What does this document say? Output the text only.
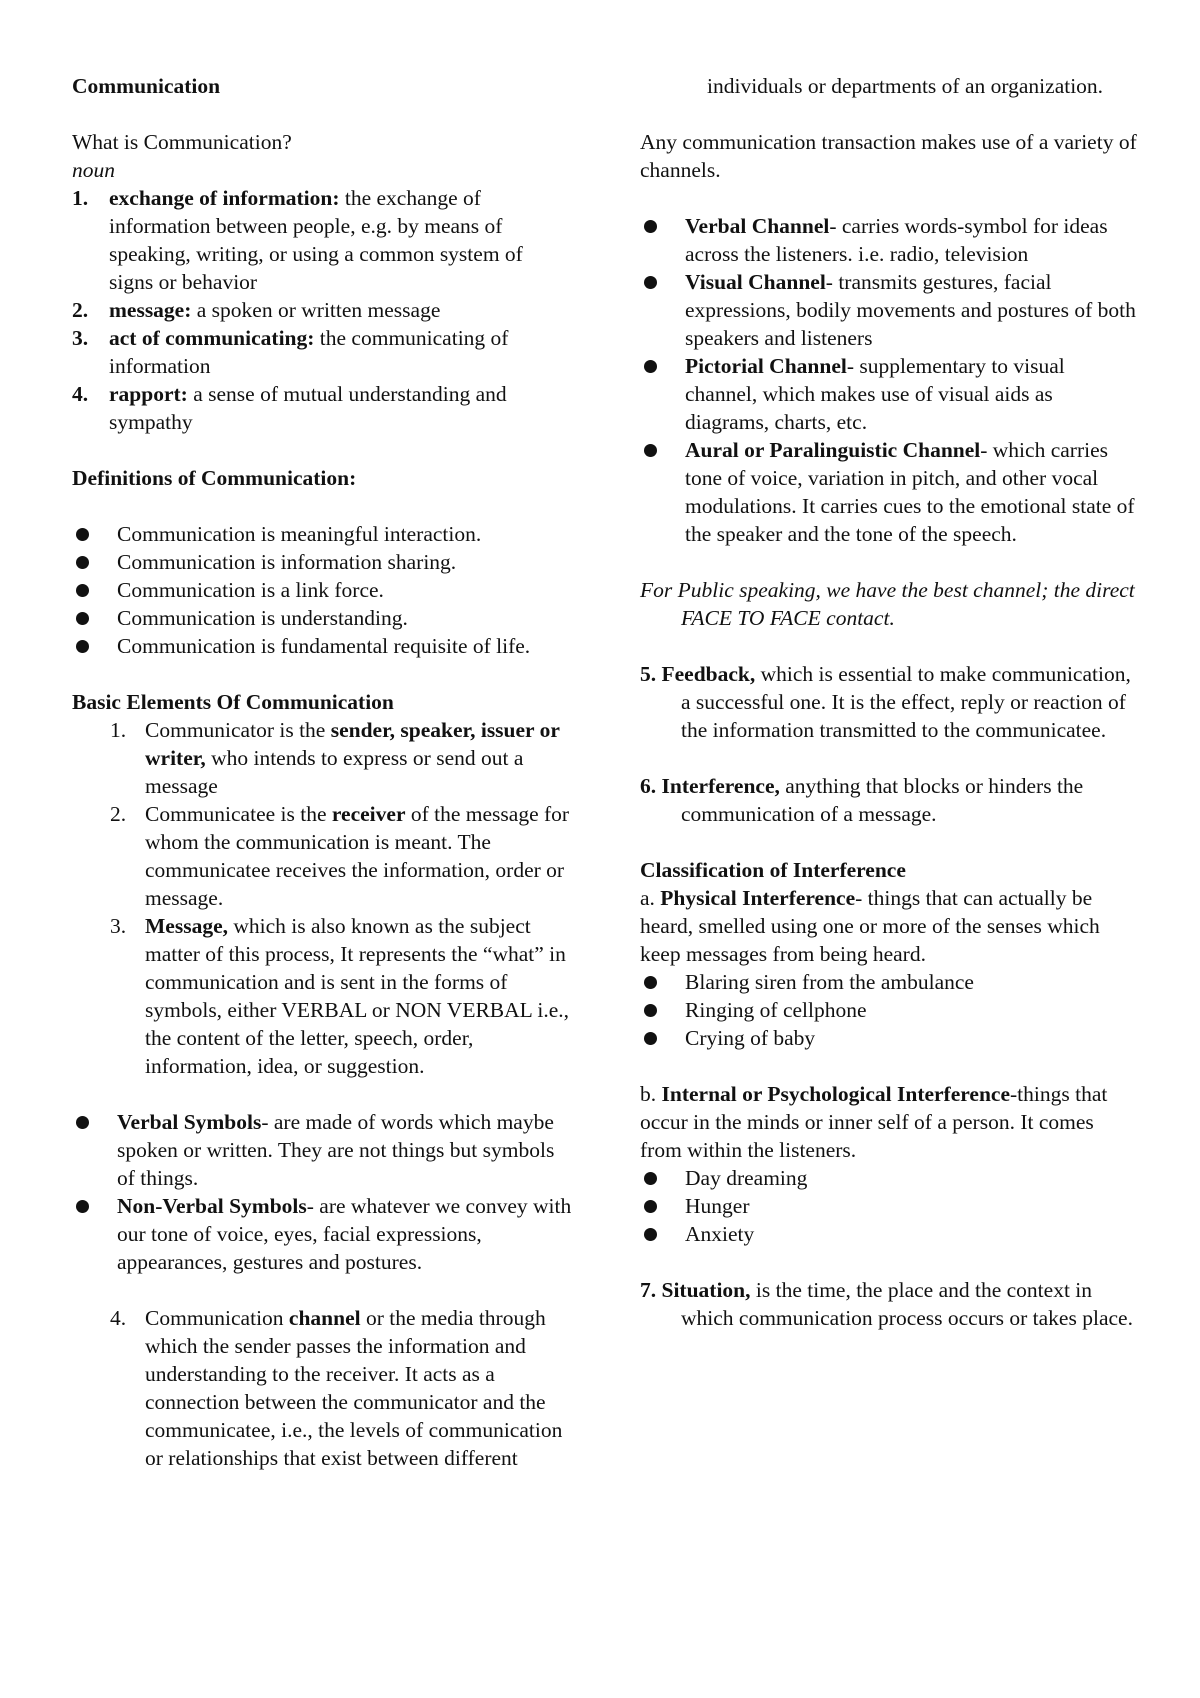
Communication
What is Communication?
noun
1. exchange of information: the exchange of information between people, e.g. by means of speaking, writing, or using a common system of signs or behavior
2. message: a spoken or written message
3. act of communicating: the communicating of information
4. rapport: a sense of mutual understanding and sympathy
Definitions of Communication:
Communication is meaningful interaction.
Communication is information sharing.
Communication is a link force.
Communication is understanding.
Communication is fundamental requisite of life.
Basic Elements Of Communication
1. Communicator is the sender, speaker, issuer or writer, who intends to express or send out a message
2. Communicatee is the receiver of the message for whom the communication is meant. The communicatee receives the information, order or message.
3. Message, which is also known as the subject matter of this process, It represents the “what” in communication and is sent in the forms of symbols, either VERBAL or NON VERBAL i.e., the content of the letter, speech, order, information, idea, or suggestion.
Verbal Symbols- are made of words which maybe spoken or written. They are not things but symbols of things.
Non-Verbal Symbols- are whatever we convey with our tone of voice, eyes, facial expressions, appearances, gestures and postures.
4. Communication channel or the media through which the sender passes the information and understanding to the receiver. It acts as a connection between the communicator and the communicatee, i.e., the levels of communication or relationships that exist between different
individuals or departments of an organization.
Any communication transaction makes use of a variety of channels.
Verbal Channel- carries words-symbol for ideas across the listeners. i.e. radio, television
Visual Channel- transmits gestures, facial expressions, bodily movements and postures of both speakers and listeners
Pictorial Channel- supplementary to visual channel, which makes use of visual aids as diagrams, charts, etc.
Aural or Paralinguistic Channel- which carries tone of voice, variation in pitch, and other vocal modulations. It carries cues to the emotional state of the speaker and the tone of the speech.
For Public speaking, we have the best channel; the direct FACE TO FACE contact.
5. Feedback, which is essential to make communication, a successful one. It is the effect, reply or reaction of the information transmitted to the communicatee.
6. Interference, anything that blocks or hinders the communication of a message.
Classification of Interference
a. Physical Interference- things that can actually be heard, smelled using one or more of the senses which keep messages from being heard.
Blaring siren from the ambulance
Ringing of cellphone
Crying of baby
b. Internal or Psychological Interference-things that occur in the minds or inner self of a person. It comes from within the listeners.
Day dreaming
Hunger
Anxiety
7. Situation, is the time, the place and the context in which communication process occurs or takes place.
